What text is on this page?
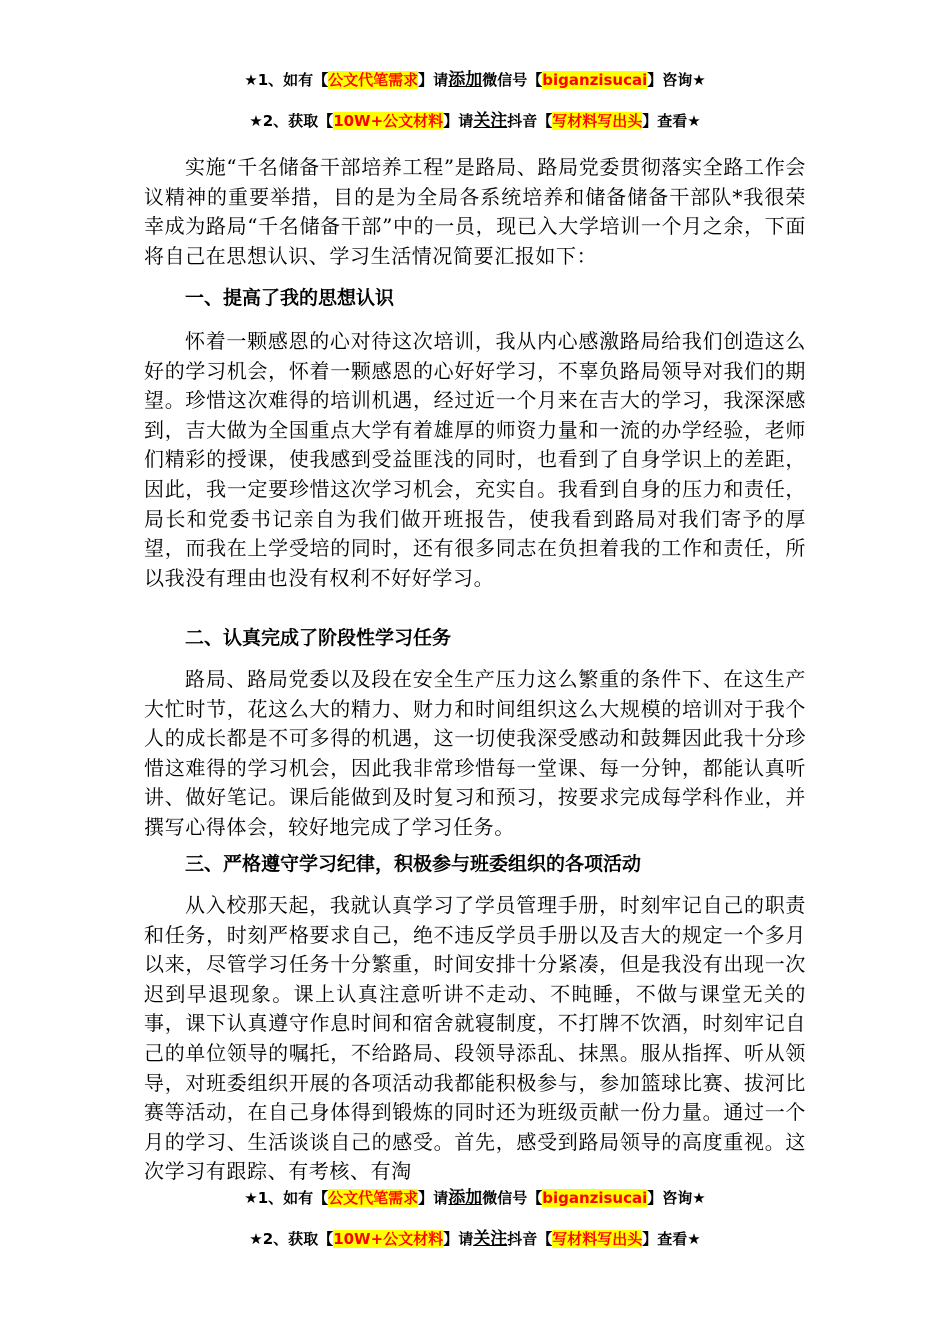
★1、如有【公文代笔需求】请添加微信号【biganzisucai】咨询★
★2、获取【10W+公文材料】请关注抖音【写材料写出头】查看★

实施“千名储备干部培养工程”是路局、路局党委贯彻落实全路工作会议精神的重要举措，目的是为全局各系统培养和储备储备干部队*我很荣幸成为路局“千名储备干部”中的一员，现已入大学培训一个月之余，下面将自己在思想认识、学习生活情况简要汇报如下：

一、提高了我的思想认识

怀着一颗感恩的心对待这次培训，我从内心感激路局给我们创造这么好的学习机会，怀着一颗感恩的心好好学习，不辜负路局领导对我们的期望。珍惜这次难得的培训机遇，经过近一个月来在吉大的学习，我深深感到，吉大做为全国重点大学有着雄厚的师资力量和一流的办学经验，老师们精彩的授课，使我感到受益匪浅的同时，也看到了自身学识上的差距，因此，我一定要珍惜这次学习机会，充实自。我看到自身的压力和责任，局长和党委书记亲自为我们做开班报告，使我看到路局对我们寄予的厚望，而我在上学受培的同时，还有很多同志在负担着我的工作和责任，所以我没有理由也没有权利不好好学习。

二、认真完成了阶段性学习任务

路局、路局党委以及段在安全生产压力这么繁重的条件下、在这生产大忙时节，花这么大的精力、财力和时间组织这么大规模的培训对于我个人的成长都是不可多得的机遇，这一切使我深受感动和鼓舞因此我十分珍惜这难得的学习机会，因此我非常珍惜每一堂课、每一分钟，都能认真听讲、做好笔记。课后能做到及时复习和预习，按要求完成每学科作业，并撰写心得体会，较好地完成了学习任务。

三、严格遵守学习纪律，积极参与班委组织的各项活动

从入校那天起，我就认真学习了学员管理手册，时刻牢记自己的职责和任务，时刻严格要求自己，绝不违反学员手册以及吉大的规定一个多月以来，尽管学习任务十分繁重，时间安排十分紧凑，但是我没有出现一次迟到早退现象。课上认真注意听讲不走动、不盹睡，不做与课堂无关的事，课下认真遵守作息时间和宿舍就寝制度，不打牌不饮酒，时刻牢记自己的单位领导的嘱托，不给路局、段领导添乱、抹黑。服从指挥、听从领导，对班委组织开展的各项活动我都能积极参与，参加篮球比赛、拔河比赛等活动，在自己身体得到锻炼的同时还为班级贡献一份力量。通过一个月的学习、生活谈谈自己的感受。首先，感受到路局领导的高度重视。这次学习有跟踪、有考核、有淘

★1、如有【公文代笔需求】请添加微信号【biganzisucai】咨询★
★2、获取【10W+公文材料】请关注抖音【写材料写出头】查看★
